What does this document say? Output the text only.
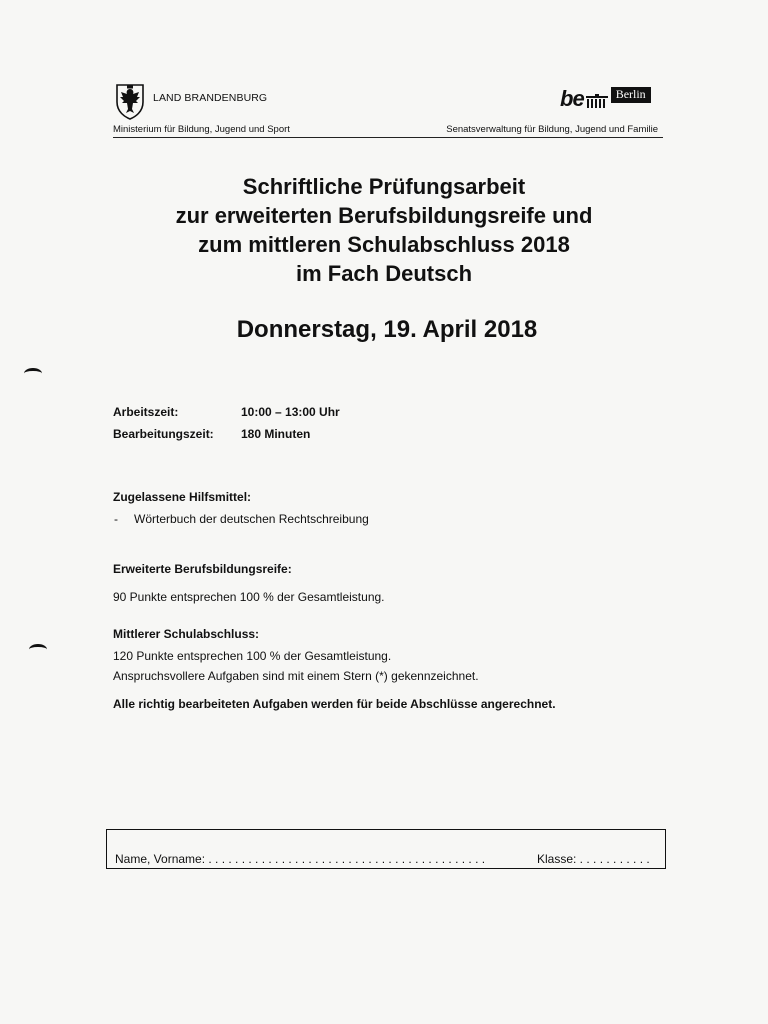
LAND BRANDENBURG	be	Berlin
Ministerium für Bildung, Jugend und Sport	Senatsverwaltung für Bildung, Jugend und Familie
Schriftliche Prüfungsarbeit
zur erweiterten Berufsbildungsreife und
zum mittleren Schulabschluss 2018
im Fach Deutsch
Donnerstag, 19. April 2018
Arbeitszeit:	10:00 – 13:00 Uhr
Bearbeitungszeit: 180 Minuten
Zugelassene Hilfsmittel:
- Wörterbuch der deutschen Rechtschreibung
Erweiterte Berufsbildungsreife:
90 Punkte entsprechen 100 % der Gesamtleistung.
Mittlerer Schulabschluss:
120 Punkte entsprechen 100 % der Gesamtleistung.
Anspruchsvollere Aufgaben sind mit einem Stern (*) gekennzeichnet.
Alle richtig bearbeiteten Aufgaben werden für beide Abschlüsse angerechnet.
Name, Vorname: . . . . . . . . . . . . . . . . . . . . . . . . . . . . . . . . . . . . . . . . . .	Klasse: . . . . . . . . . . .
